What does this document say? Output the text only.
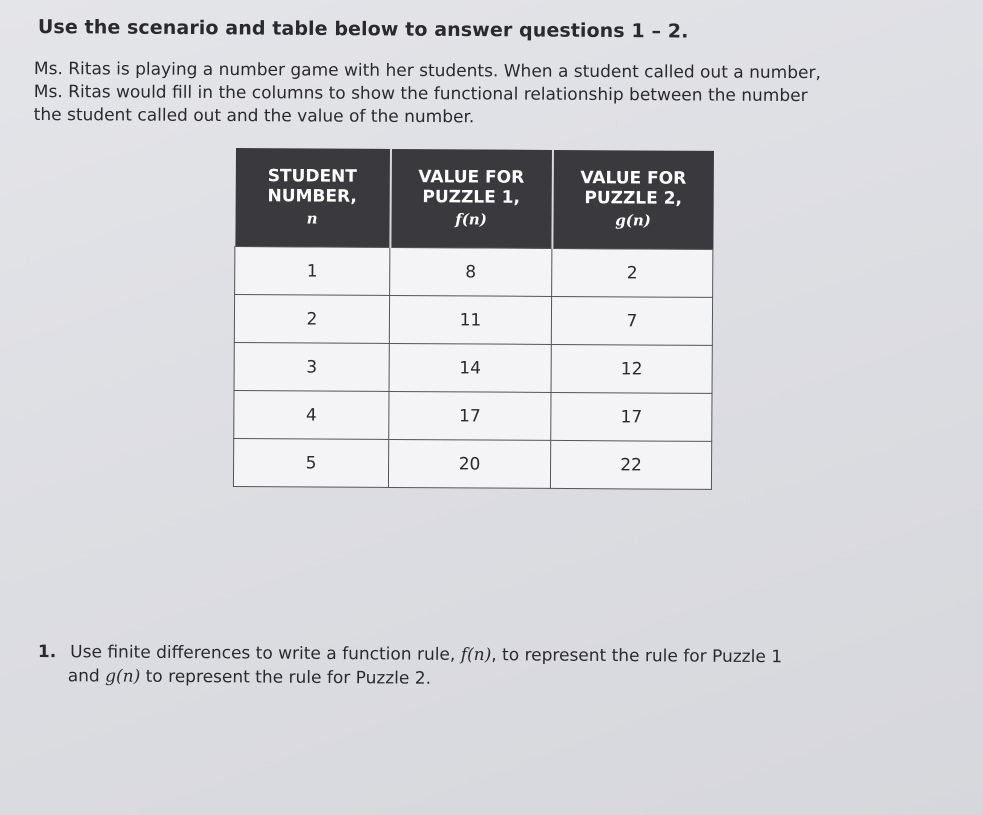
Use the scenario and table below to answer questions 1 – 2.

Ms. Ritas is playing a number game with her students. When a student called out a number,

Ms. Ritas would fill in the columns to show the functional relationship between the number

the student called out and the value of the number.

STUDENT
NUMBER,
n	VALUE FOR
PUZZLE 1,
f(n)	VALUE FOR
PUZZLE 2,
g(n)

1	8	2
2	11	7
3	14	12
4	17	17
5	20	22
1. Use finite differences to write a function rule, f(n), to represent the rule for Puzzle 1
and g(n) to represent the rule for Puzzle 2.
